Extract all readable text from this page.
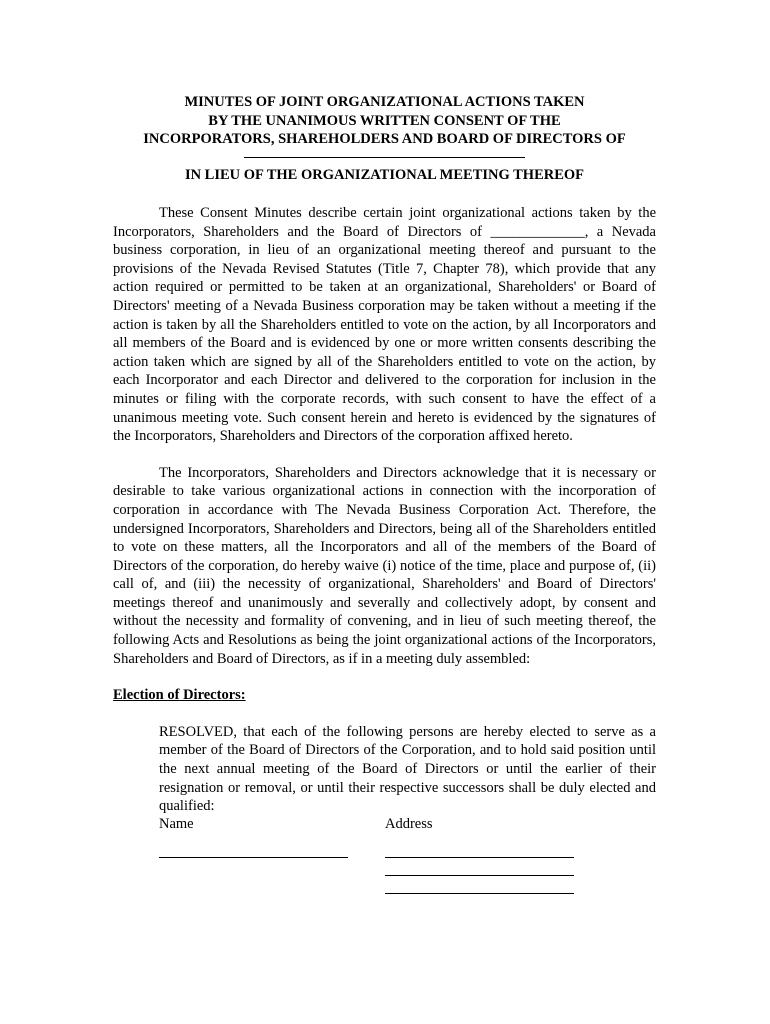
MINUTES OF JOINT ORGANIZATIONAL ACTIONS TAKEN
BY THE UNANIMOUS WRITTEN CONSENT OF THE
INCORPORATORS, SHAREHOLDERS AND BOARD OF DIRECTORS OF
IN LIEU OF THE ORGANIZATIONAL MEETING THEREOF

These Consent Minutes describe certain joint organizational actions taken by the Incorporators, Shareholders and the Board of Directors of _____________, a Nevada business corporation, in lieu of an organizational meeting thereof and pursuant to the provisions of the Nevada Revised Statutes (Title 7, Chapter 78), which provide that any action required or permitted to be taken at an organizational, Shareholders' or Board of Directors' meeting of a Nevada Business corporation may be taken without a meeting if the action is taken by all the Shareholders entitled to vote on the action, by all Incorporators and all members of the Board and is evidenced by one or more written consents describing the action taken which are signed by all of the Shareholders entitled to vote on the action, by each Incorporator and each Director and delivered to the corporation for inclusion in the minutes or filing with the corporate records, with such consent to have the effect of a unanimous meeting vote. Such consent herein and hereto is evidenced by the signatures of the Incorporators, Shareholders and Directors of the corporation affixed hereto.

The Incorporators, Shareholders and Directors acknowledge that it is necessary or desirable to take various organizational actions in connection with the incorporation of corporation in accordance with The Nevada Business Corporation Act. Therefore, the undersigned Incorporators, Shareholders and Directors, being all of the Shareholders entitled to vote on these matters, all the Incorporators and all of the members of the Board of Directors of the corporation, do hereby waive (i) notice of the time, place and purpose of, (ii) call of, and (iii) the necessity of organizational, Shareholders' and Board of Directors' meetings thereof and unanimously and severally and collectively adopt, by consent and without the necessity and formality of convening, and in lieu of such meeting thereof, the following Acts and Resolutions as being the joint organizational actions of the Incorporators, Shareholders and Board of Directors, as if in a meeting duly assembled:

Election of Directors:
RESOLVED, that each of the following persons are hereby elected to serve as a member of the Board of Directors of the Corporation, and to hold said position until the next annual meeting of the Board of Directors or until the earlier of their resignation or removal, or until their respective successors shall be duly elected and qualified:
Name	Address
